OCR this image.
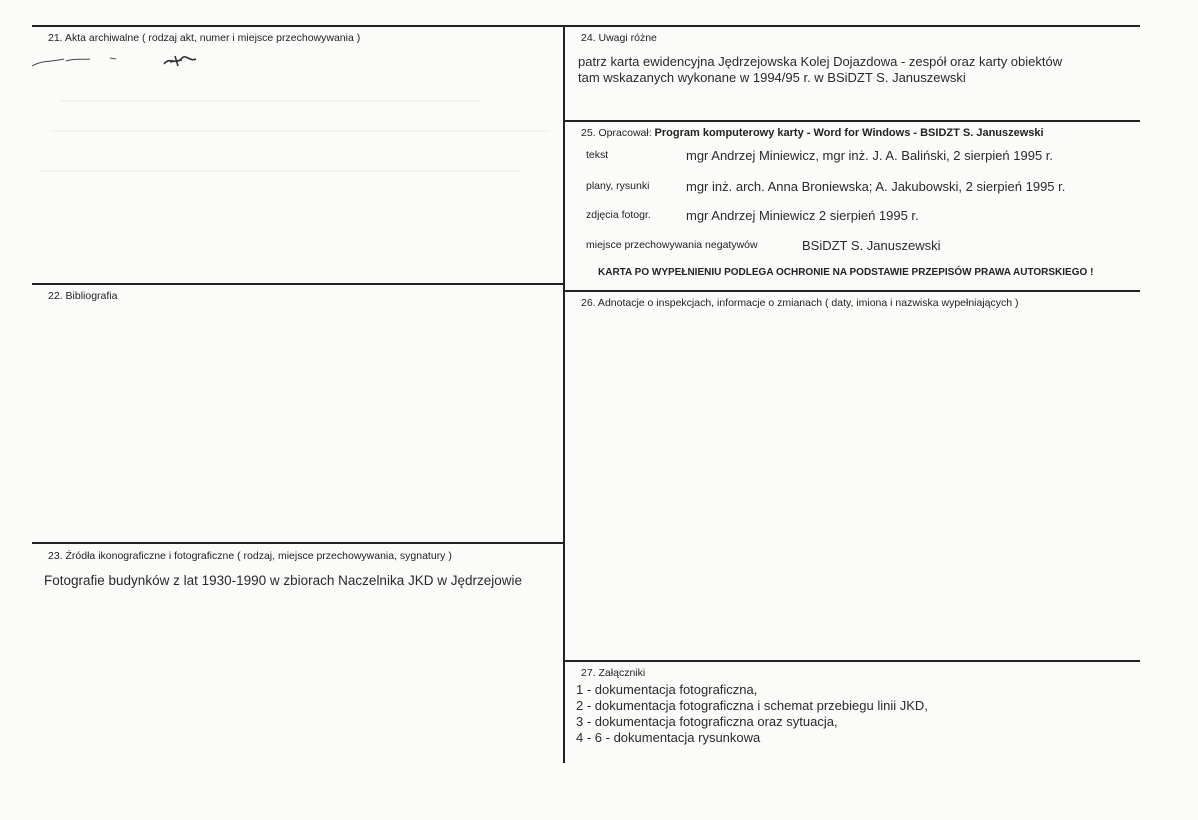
21. Akta archiwalne ( rodzaj akt, numer i miejsce przechowywania )
22. Bibliografia
23. Źródła ikonograficzne i fotograficzne ( rodzaj, miejsce przechowywania, sygnatury )
Fotografie budynków z lat 1930-1990 w zbiorach Naczelnika JKD w Jędrzejowie
24. Uwagi różne
patrz karta ewidencyjna Jędrzejowska Kolej Dojazdowa - zespół oraz karty obiektów
tam wskazanych wykonane w 1994/95 r. w BSiDZT S. Januszewski
25. Opracował: Program komputerowy karty - Word for Windows - BSIDZT S. Januszewski
tekst	mgr Andrzej Miniewicz, mgr inż. J. A. Baliński, 2 sierpień 1995 r.
plany, rysunki	mgr inż. arch. Anna Broniewska; A. Jakubowski, 2 sierpień 1995 r.
zdjęcia fotogr.	mgr Andrzej Miniewicz 2 sierpień 1995 r.
miejsce przechowywania negatywów	BSiDZT S. Januszewski
KARTA PO WYPEŁNIENIU PODLEGA OCHRONIE NA PODSTAWIE PRZEPISÓW PRAWA AUTORSKIEGO !
26. Adnotacje o inspekcjach, informacje o zmianach ( daty, imiona i nazwiska wypełniających )
27. Załączniki
1 - dokumentacja fotograficzna,
2 - dokumentacja fotograficzna i schemat przebiegu linii JKD,
3 - dokumentacja fotograficzna oraz sytuacja,
4 - 6 - dokumentacja rysunkowa
